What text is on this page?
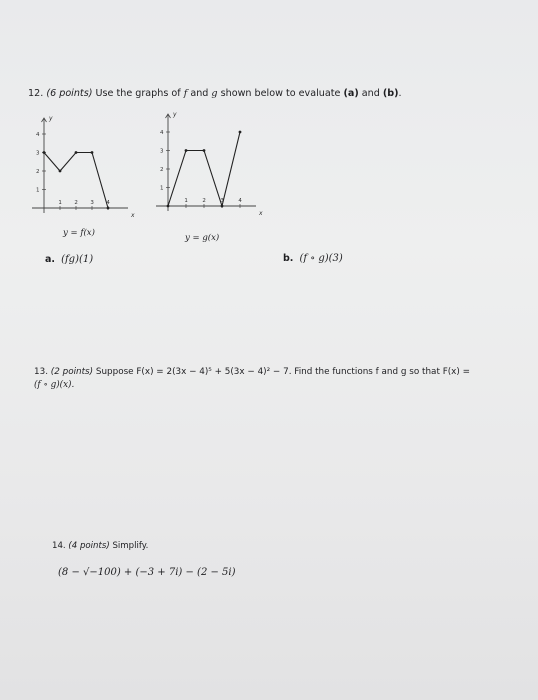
12. (6 points) Use the graphs of f and g shown below to evaluate (a) and (b).
y
x
1 2 3 4
1
2
3
4
y = f(x)
y
x
1	2	3	4
1
2
3
4
y = g(x)
a. (fg)(1)	b. (f ∘ g)(3)
13. (2 points) Suppose F(x) = 2(3x − 4)⁵ + 5(3x − 4)² − 7. Find the functions f and g so that F(x) =
(f ∘ g)(x).
14. (4 points) Simplify.
(8 − √−100) + (−3 + 7i) − (2 − 5i)
